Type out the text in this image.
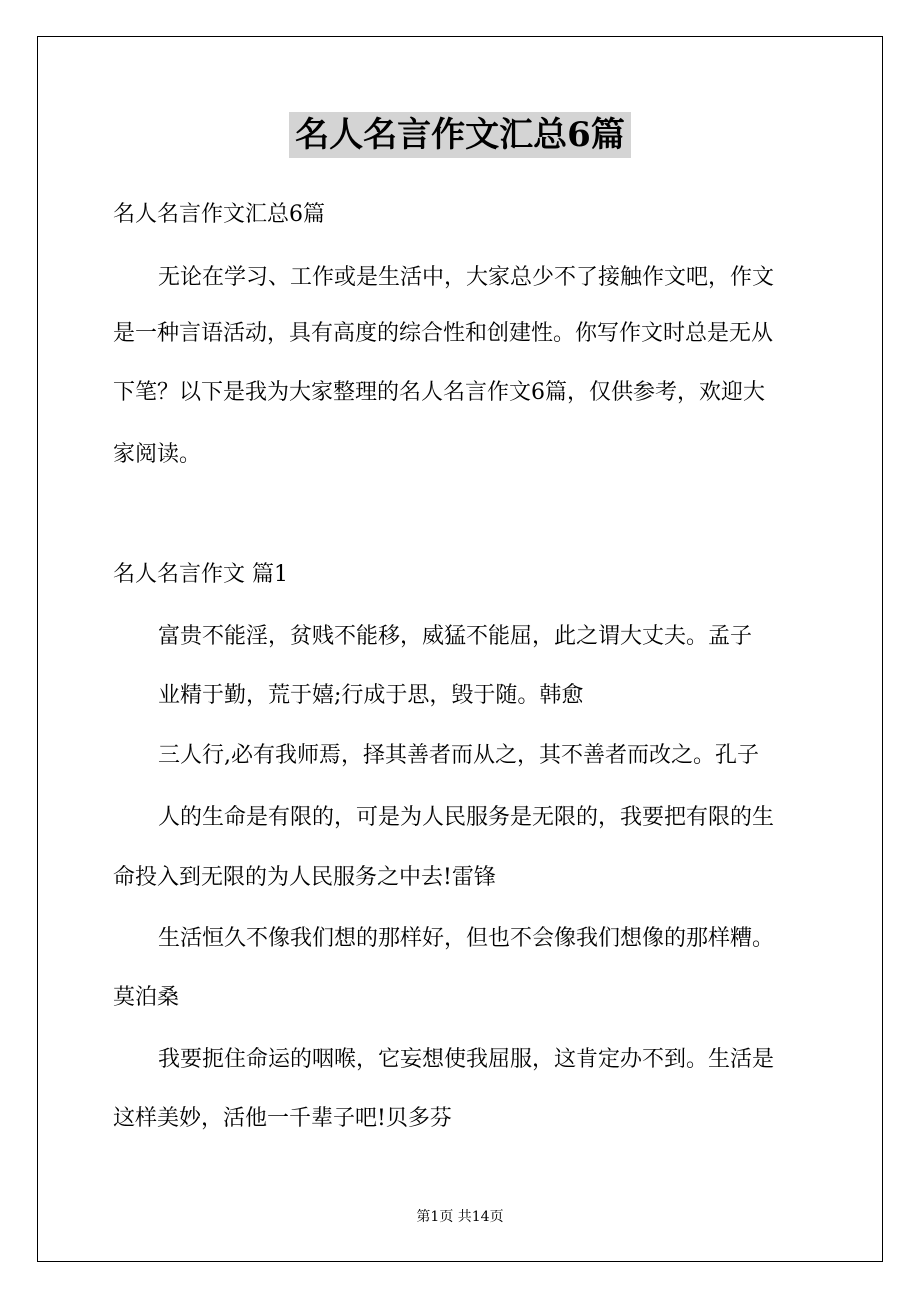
名人名言作文汇总6篇
名人名言作文汇总6篇
无论在学习、工作或是生活中，大家总少不了接触作文吧，作文
是一种言语活动，具有高度的综合性和创建性。你写作文时总是无从
下笔？以下是我为大家整理的名人名言作文6篇，仅供参考，欢迎大
家阅读。
名人名言作文 篇1
富贵不能淫，贫贱不能移，威猛不能屈，此之谓大丈夫。孟子
业精于勤，荒于嬉;行成于思，毁于随。韩愈
三人行,必有我师焉，择其善者而从之，其不善者而改之。孔子
人的生命是有限的，可是为人民服务是无限的，我要把有限的生
命投入到无限的为人民服务之中去!雷锋
生活恒久不像我们想的那样好，但也不会像我们想像的那样糟。
莫泊桑
我要扼住命运的咽喉，它妄想使我屈服，这肯定办不到。生活是
这样美妙，活他一千辈子吧!贝多芬
第1页 共14页
